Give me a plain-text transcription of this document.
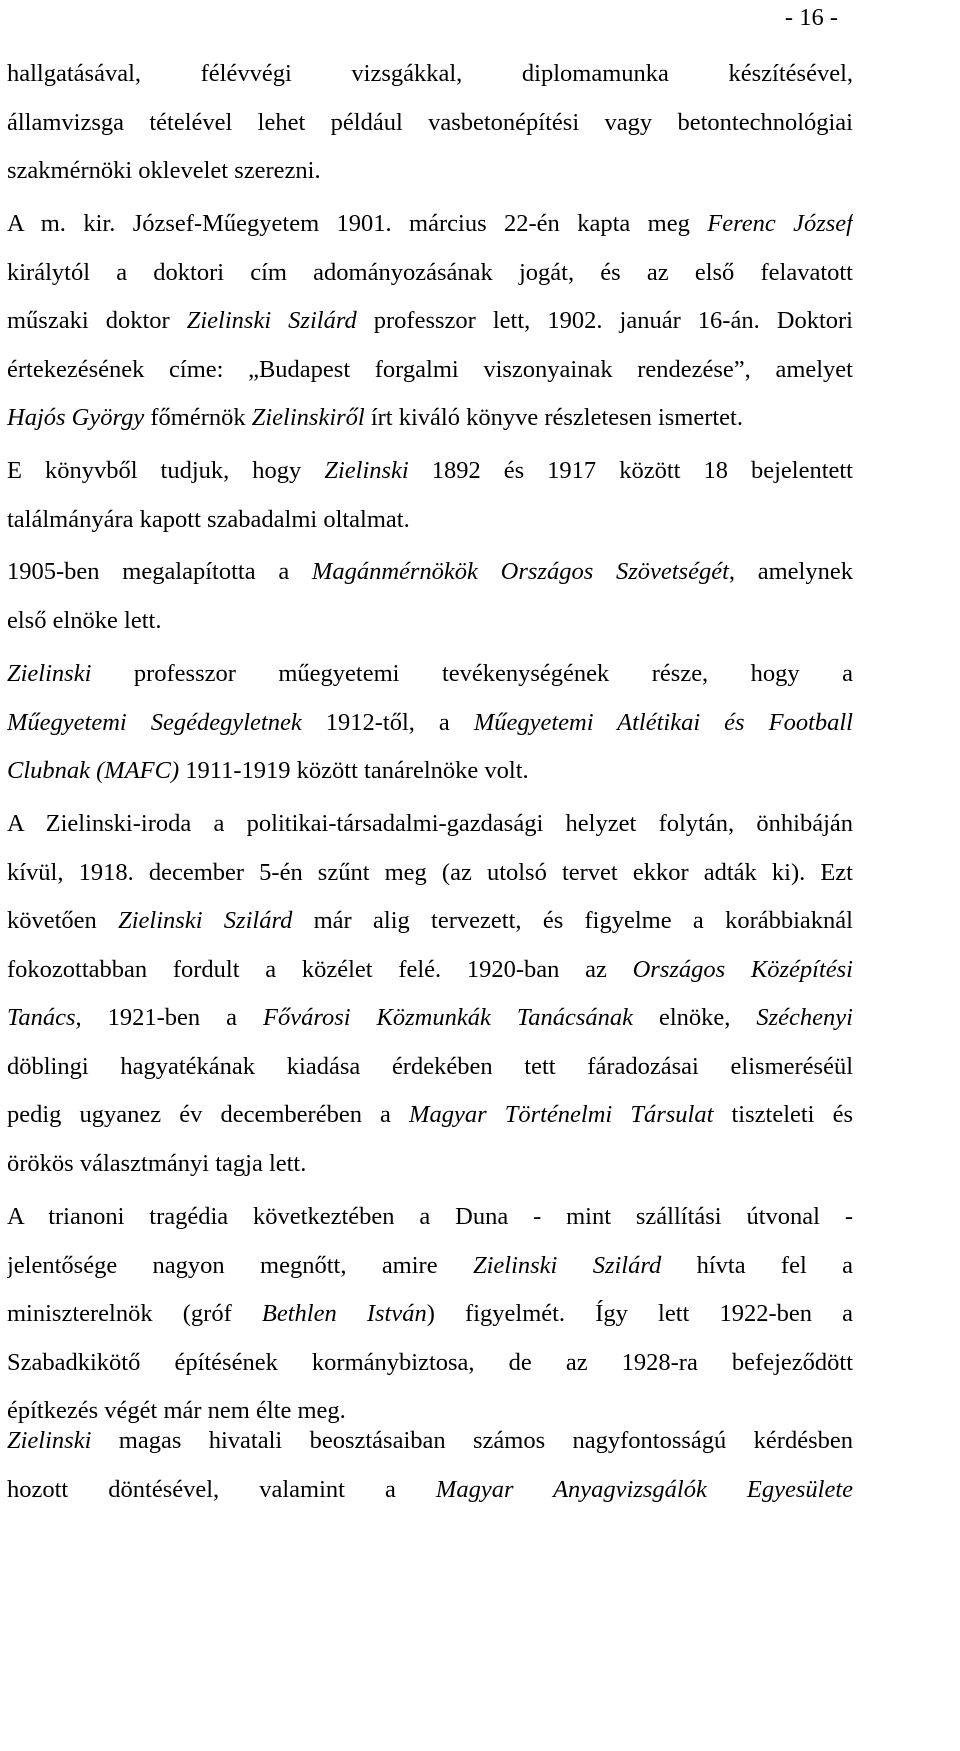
- 16 -
hallgatásával, félévvégi vizsgákkal, diplomamunka készítésével,
államvizsga tételével lehet például vasbetonépítési vagy betontechnológiai
szakmérnöki oklevelet szerezni.
A m. kir. József-Műegyetem 1901. március 22-én kapta meg Ferenc József
királytól a doktori cím adományozásának jogát, és az első felavatott
műszaki doktor Zielinski Szilárd professzor lett, 1902. január 16-án. Doktori
értekezésének címe: „Budapest forgalmi viszonyainak rendezése”, amelyet
Hajós György főmérnök Zielinskiről írt kiváló könyve részletesen ismertet.
E könyvből tudjuk, hogy Zielinski 1892 és 1917 között 18 bejelentett
találmányára kapott szabadalmi oltalmat.
1905-ben megalapította a Magánmérnökök Országos Szövetségét, amelynek
első elnöke lett.
Zielinski professzor műegyetemi tevékenységének része, hogy a
Műegyetemi Segédegyletnek 1912-től, a Műegyetemi Atlétikai és Football
Clubnak (MAFC) 1911-1919 között tanárelnöke volt.
A Zielinski-iroda a politikai-társadalmi-gazdasági helyzet folytán, önhibáján
kívül, 1918. december 5-én szűnt meg (az utolsó tervet ekkor adták ki). Ezt
követően Zielinski Szilárd már alig tervezett, és figyelme a korábbiaknál
fokozottabban fordult a közélet felé. 1920-ban az Országos Középítési
Tanács, 1921-ben a Fővárosi Közmunkák Tanácsának elnöke, Széchenyi
döblingi hagyatékának kiadása érdekében tett fáradozásai elismeréséül
pedig ugyanez év decemberében a Magyar Történelmi Társulat tiszteleti és
örökös választmányi tagja lett.
A trianoni tragédia következtében a Duna - mint szállítási útvonal -
jelentősége nagyon megnőtt, amire Zielinski Szilárd hívta fel a
miniszterelnök (gróf Bethlen István) figyelmét. Így lett 1922-ben a
Szabadkikötő építésének kormánybiztosa, de az 1928-ra befejeződött
építkezés végét már nem élte meg.
Zielinski magas hivatali beosztásaiban számos nagyfontosságú kérdésben
hozott döntésével, valamint a Magyar Anyagvizsgálók Egyesülete
